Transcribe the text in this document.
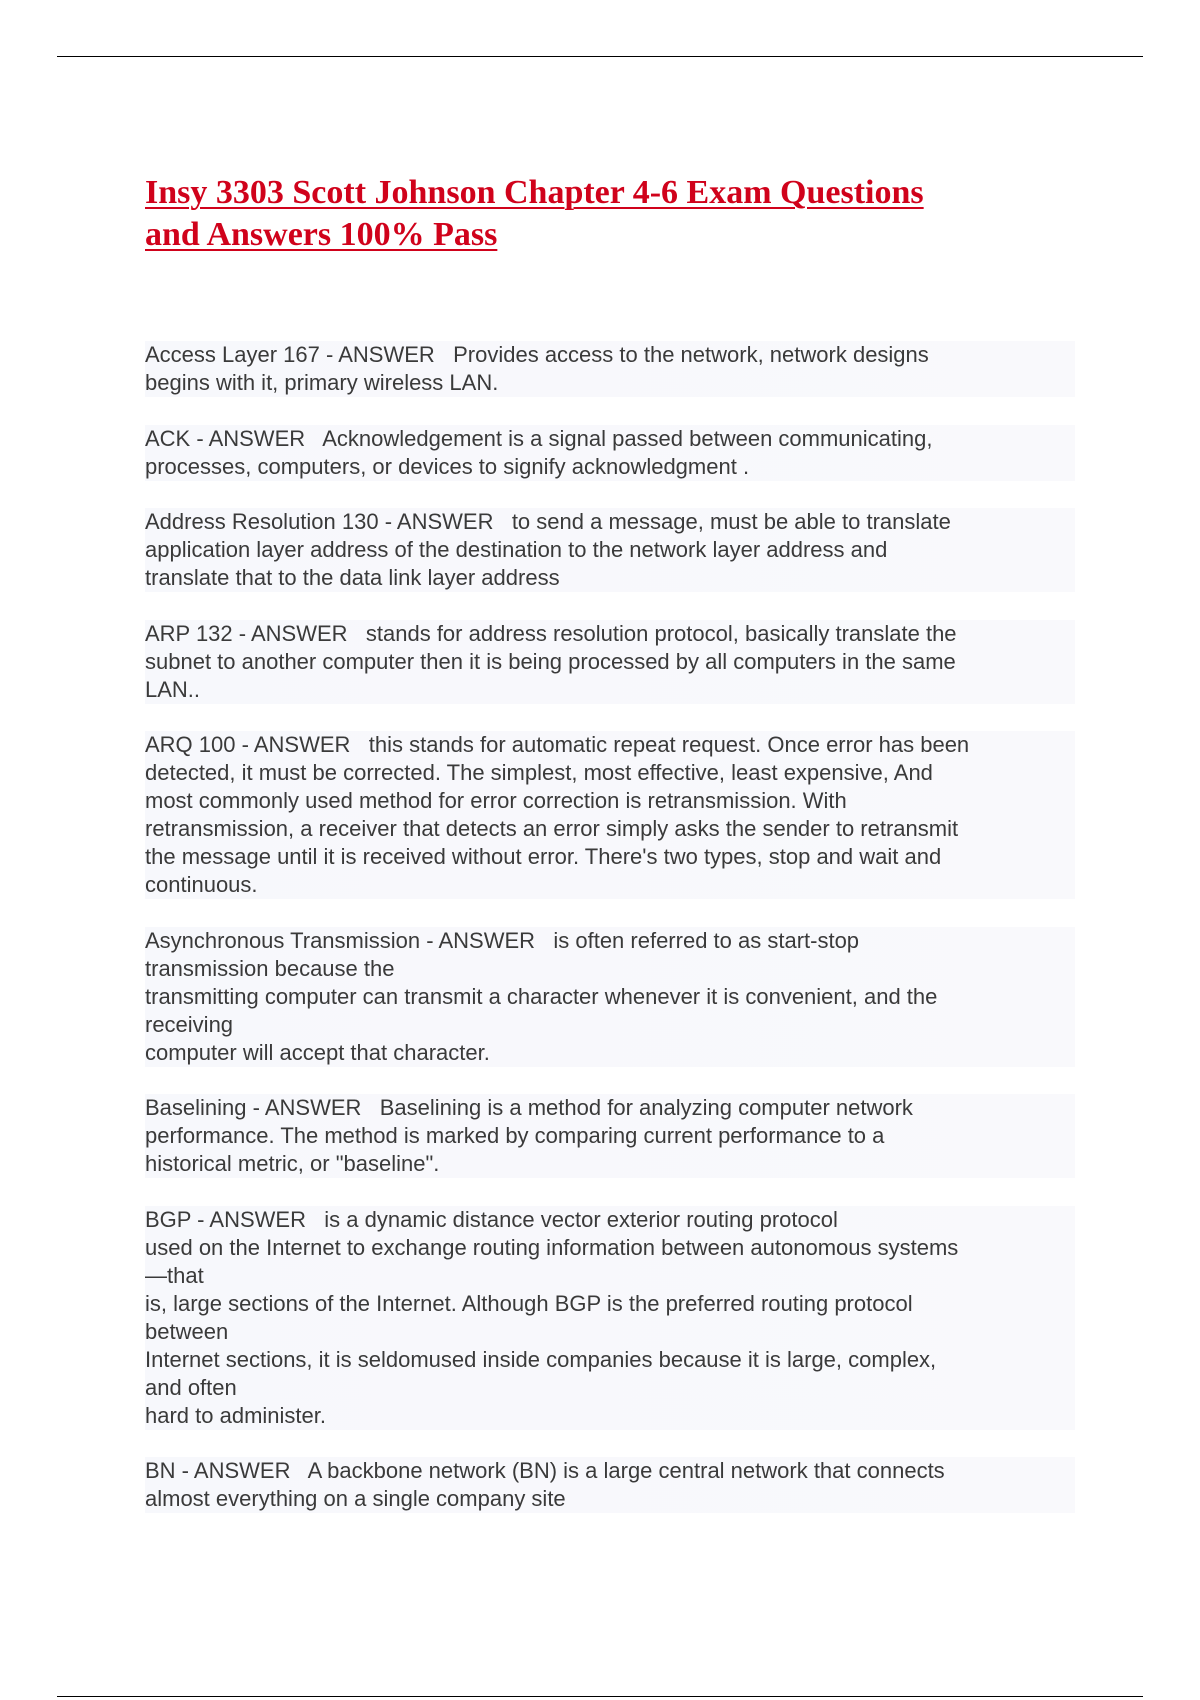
Insy 3303 Scott Johnson Chapter 4-6 Exam Questions
and Answers 100% Pass

Access Layer 167 - ANSWER   Provides access to the network, network designs
begins with it, primary wireless LAN.

ACK - ANSWER   Acknowledgement is a signal passed between communicating,
processes, computers, or devices to signify acknowledgment .

Address Resolution 130 - ANSWER   to send a message, must be able to translate
application layer address of the destination to the network layer address and
translate that to the data link layer address

ARP 132 - ANSWER   stands for address resolution protocol, basically translate the
subnet to another computer then it is being processed by all computers in the same
LAN..

ARQ 100 - ANSWER   this stands for automatic repeat request. Once error has been
detected, it must be corrected. The simplest, most effective, least expensive, And
most commonly used method for error correction is retransmission. With
retransmission, a receiver that detects an error simply asks the sender to retransmit
the message until it is received without error. There's two types, stop and wait and
continuous.

Asynchronous Transmission - ANSWER   is often referred to as start-stop
transmission because the
transmitting computer can transmit a character whenever it is convenient, and the
receiving
computer will accept that character.

Baselining - ANSWER   Baselining is a method for analyzing computer network
performance. The method is marked by comparing current performance to a
historical metric, or "baseline".

BGP - ANSWER   is a dynamic distance vector exterior routing protocol
used on the Internet to exchange routing information between autonomous systems
—that
is, large sections of the Internet. Although BGP is the preferred routing protocol
between
Internet sections, it is seldomused inside companies because it is large, complex,
and often
hard to administer.

BN - ANSWER   A backbone network (BN) is a large central network that connects
almost everything on a single company site
